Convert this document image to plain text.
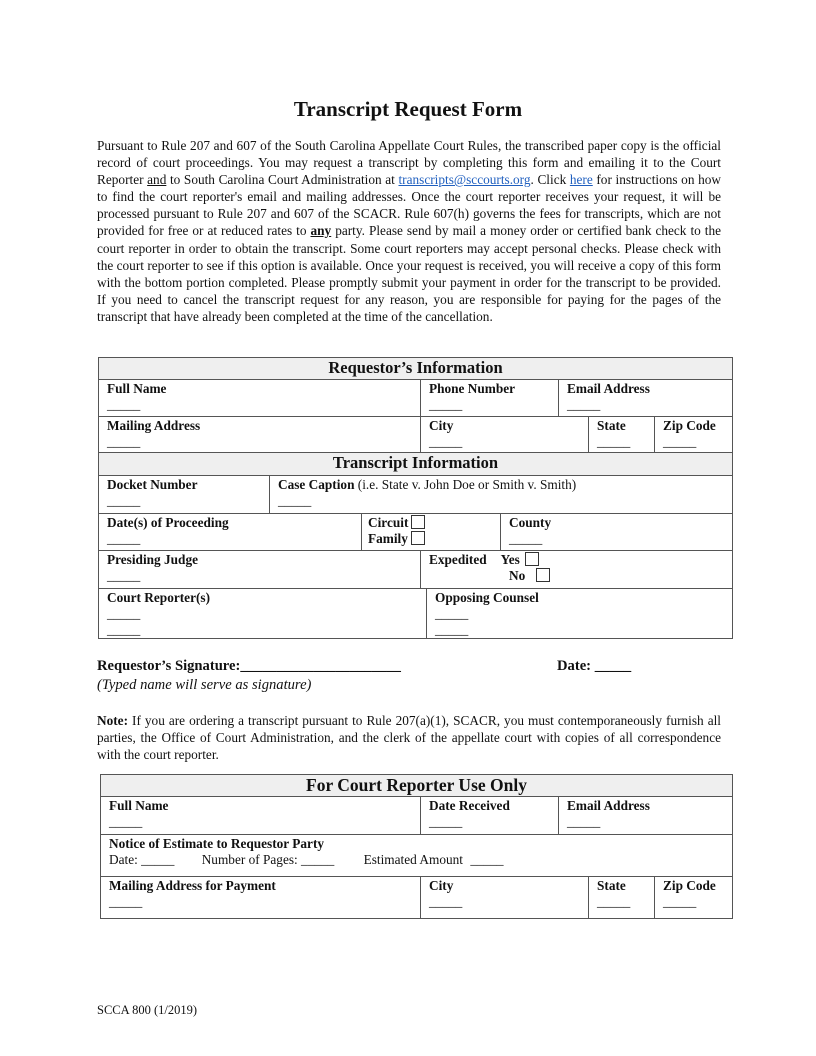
Transcript Request Form
Pursuant to Rule 207 and 607 of the South Carolina Appellate Court Rules, the transcribed paper copy is the official record of court proceedings. You may request a transcript by completing this form and emailing it to the Court Reporter and to South Carolina Court Administration at transcripts@sccourts.org. Click here for instructions on how to find the court reporter's email and mailing addresses. Once the court reporter receives your request, it will be processed pursuant to Rule 207 and 607 of the SCACR. Rule 607(h) governs the fees for transcripts, which are not provided for free or at reduced rates to any party. Please send by mail a money order or certified bank check to the court reporter in order to obtain the transcript. Some court reporters may accept personal checks. Please check with the court reporter to see if this option is available. Once your request is received, you will receive a copy of this form with the bottom portion completed. Please promptly submit your payment in order for the transcript to be provided. If you need to cancel the transcript request for any reason, you are responsible for paying for the pages of the transcript that have already been completed at the time of the cancellation.
Requestor’s Information
Full Name
_____
Phone Number
_____
Email Address
_____
Mailing Address
_____
City
_____
State
_____
Zip Code
_____
Transcript Information
Docket Number
_____
Case Caption (i.e. State v. John Doe or Smith v. Smith)
_____
Date(s) of Proceeding
_____
Circuit
Family
County
_____
Presiding Judge
_____
Expedited Yes
No
Court Reporter(s)
_____
_____
Opposing Counsel
_____
_____
Requestor’s Signature:______________________	Date: _____
(Typed name will serve as signature)
Note: If you are ordering a transcript pursuant to Rule 207(a)(1), SCACR, you must contemporaneously furnish all parties, the Office of Court Administration, and the clerk of the appellate court with copies of all correspondence with the court reporter.
For Court Reporter Use Only
Full Name
_____
Date Received
_____
Email Address
_____
Notice of Estimate to Requestor Party
Date: _____ Number of Pages: _____ Estimated Amount _____
Mailing Address for Payment
_____
City
_____
State
_____
Zip Code
_____
SCCA 800 (1/2019)
